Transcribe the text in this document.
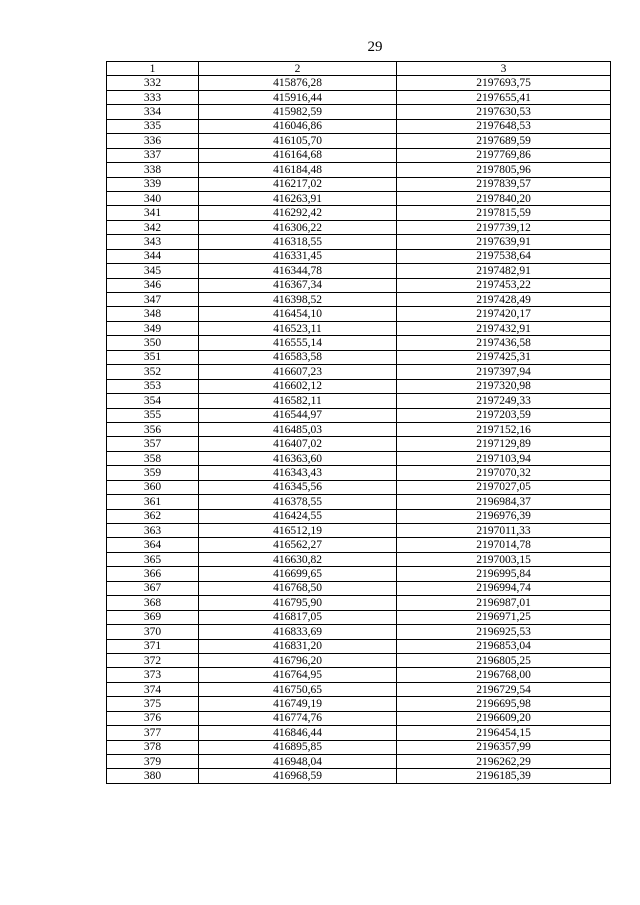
29
1	2	3
332	415876,28	2197693,75
333	415916,44	2197655,41
334	415982,59	2197630,53
335	416046,86	2197648,53
336	416105,70	2197689,59
337	416164,68	2197769,86
338	416184,48	2197805,96
339	416217,02	2197839,57
340	416263,91	2197840,20
341	416292,42	2197815,59
342	416306,22	2197739,12
343	416318,55	2197639,91
344	416331,45	2197538,64
345	416344,78	2197482,91
346	416367,34	2197453,22
347	416398,52	2197428,49
348	416454,10	2197420,17
349	416523,11	2197432,91
350	416555,14	2197436,58
351	416583,58	2197425,31
352	416607,23	2197397,94
353	416602,12	2197320,98
354	416582,11	2197249,33
355	416544,97	2197203,59
356	416485,03	2197152,16
357	416407,02	2197129,89
358	416363,60	2197103,94
359	416343,43	2197070,32
360	416345,56	2197027,05
361	416378,55	2196984,37
362	416424,55	2196976,39
363	416512,19	2197011,33
364	416562,27	2197014,78
365	416630,82	2197003,15
366	416699,65	2196995,84
367	416768,50	2196994,74
368	416795,90	2196987,01
369	416817,05	2196971,25
370	416833,69	2196925,53
371	416831,20	2196853,04
372	416796,20	2196805,25
373	416764,95	2196768,00
374	416750,65	2196729,54
375	416749,19	2196695,98
376	416774,76	2196609,20
377	416846,44	2196454,15
378	416895,85	2196357,99
379	416948,04	2196262,29
380	416968,59	2196185,39
